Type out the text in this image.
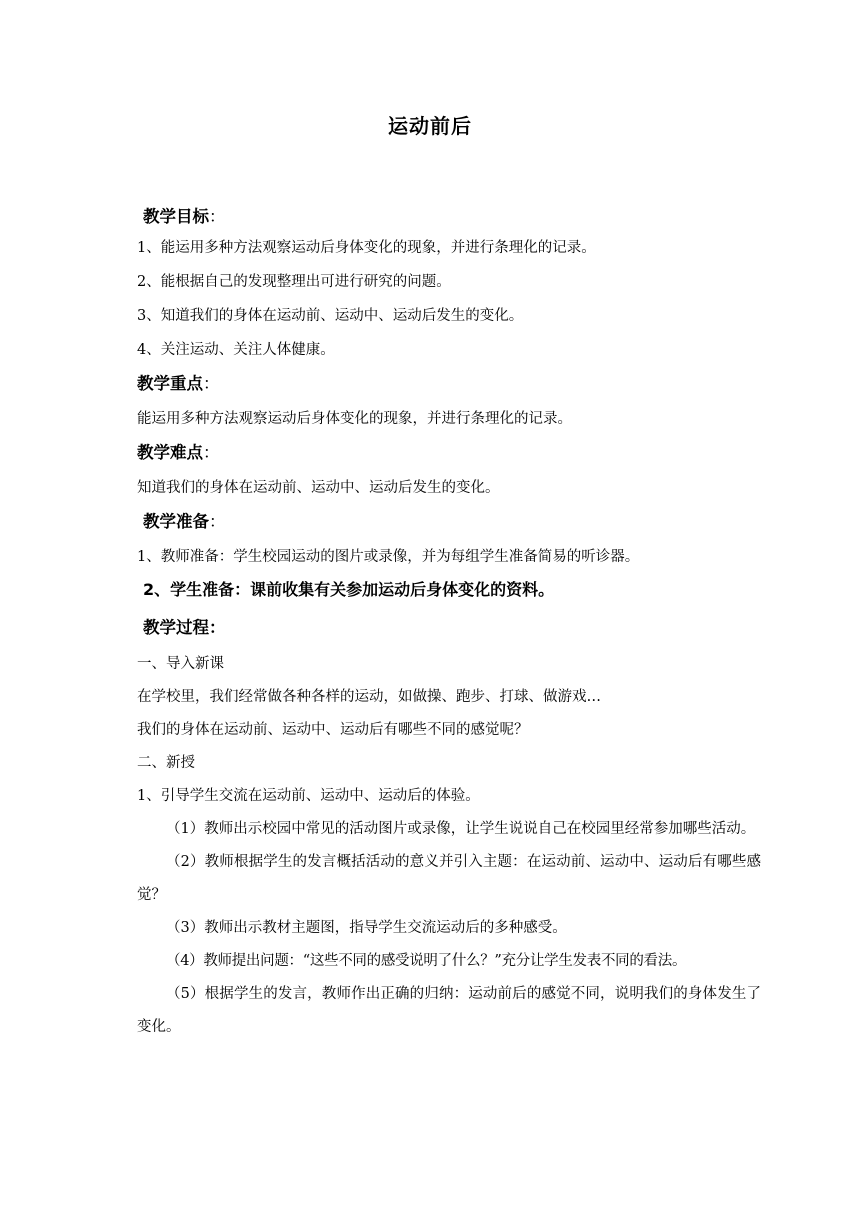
运动前后
教学目标：
1、能运用多种方法观察运动后身体变化的现象，并进行条理化的记录。
2、能根据自己的发现整理出可进行研究的问题。
3、知道我们的身体在运动前、运动中、运动后发生的变化。
4、关注运动、关注人体健康。
教学重点：
能运用多种方法观察运动后身体变化的现象，并进行条理化的记录。
教学难点：
知道我们的身体在运动前、运动中、运动后发生的变化。
教学准备：
1、教师准备：学生校园运动的图片或录像，并为每组学生准备简易的听诊器。
2、学生准备：课前收集有关参加运动后身体变化的资料。
教学过程：
一、导入新课
在学校里，我们经常做各种各样的运动，如做操、跑步、打球、做游戏…
我们的身体在运动前、运动中、运动后有哪些不同的感觉呢？
二、新授
1、引导学生交流在运动前、运动中、运动后的体验。
（1）教师出示校园中常见的活动图片或录像，让学生说说自己在校园里经常参加哪些活动。
（2）教师根据学生的发言概括活动的意义并引入主题：在运动前、运动中、运动后有哪些感觉？
（3）教师出示教材主题图，指导学生交流运动后的多种感受。
（4）教师提出问题：“这些不同的感受说明了什么？”充分让学生发表不同的看法。
（5）根据学生的发言，教师作出正确的归纳：运动前后的感觉不同，说明我们的身体发生了变化。
